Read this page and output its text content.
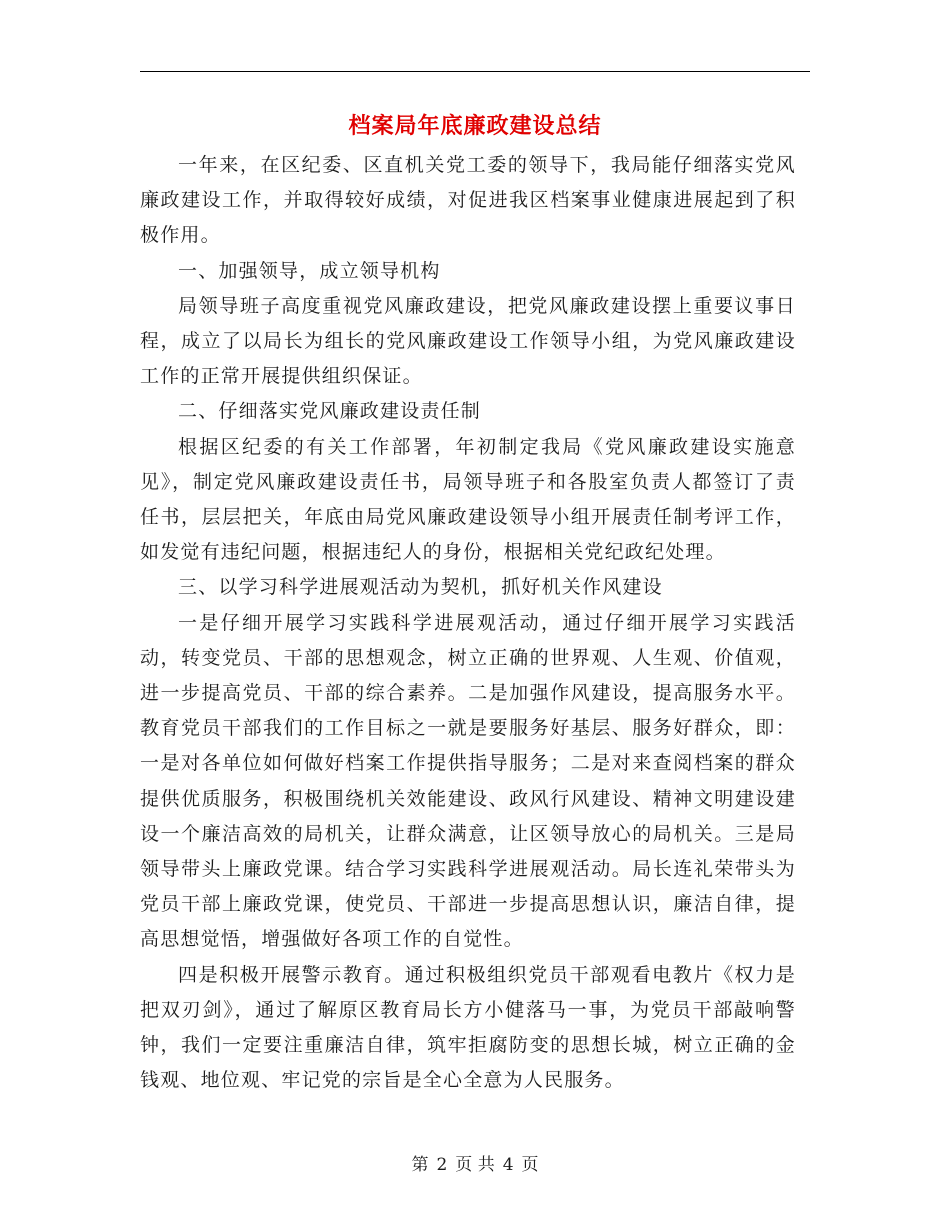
档案局年底廉政建设总结

一年来，在区纪委、区直机关党工委的领导下，我局能仔细落实党风廉政建设工作，并取得较好成绩，对促进我区档案事业健康进展起到了积极作用。

一、加强领导，成立领导机构

局领导班子高度重视党风廉政建设，把党风廉政建设摆上重要议事日程，成立了以局长为组长的党风廉政建设工作领导小组，为党风廉政建设工作的正常开展提供组织保证。

二、仔细落实党风廉政建设责任制

根据区纪委的有关工作部署，年初制定我局《党风廉政建设实施意见》，制定党风廉政建设责任书，局领导班子和各股室负责人都签订了责任书，层层把关，年底由局党风廉政建设领导小组开展责任制考评工作，如发觉有违纪问题，根据违纪人的身份，根据相关党纪政纪处理。

三、以学习科学进展观活动为契机，抓好机关作风建设

一是仔细开展学习实践科学进展观活动，通过仔细开展学习实践活动，转变党员、干部的思想观念，树立正确的世界观、人生观、价值观，进一步提高党员、干部的综合素养。二是加强作风建设，提高服务水平。教育党员干部我们的工作目标之一就是要服务好基层、服务好群众，即：一是对各单位如何做好档案工作提供指导服务；二是对来查阅档案的群众提供优质服务，积极围绕机关效能建设、政风行风建设、精神文明建设建设一个廉洁高效的局机关，让群众满意，让区领导放心的局机关。三是局领导带头上廉政党课。结合学习实践科学进展观活动。局长连礼荣带头为党员干部上廉政党课，使党员、干部进一步提高思想认识，廉洁自律，提高思想觉悟，增强做好各项工作的自觉性。

四是积极开展警示教育。通过积极组织党员干部观看电教片《权力是把双刃剑》，通过了解原区教育局长方小健落马一事，为党员干部敲响警钟，我们一定要注重廉洁自律，筑牢拒腐防变的思想长城，树立正确的金钱观、地位观、牢记党的宗旨是全心全意为人民服务。

第 2 页 共 4 页
